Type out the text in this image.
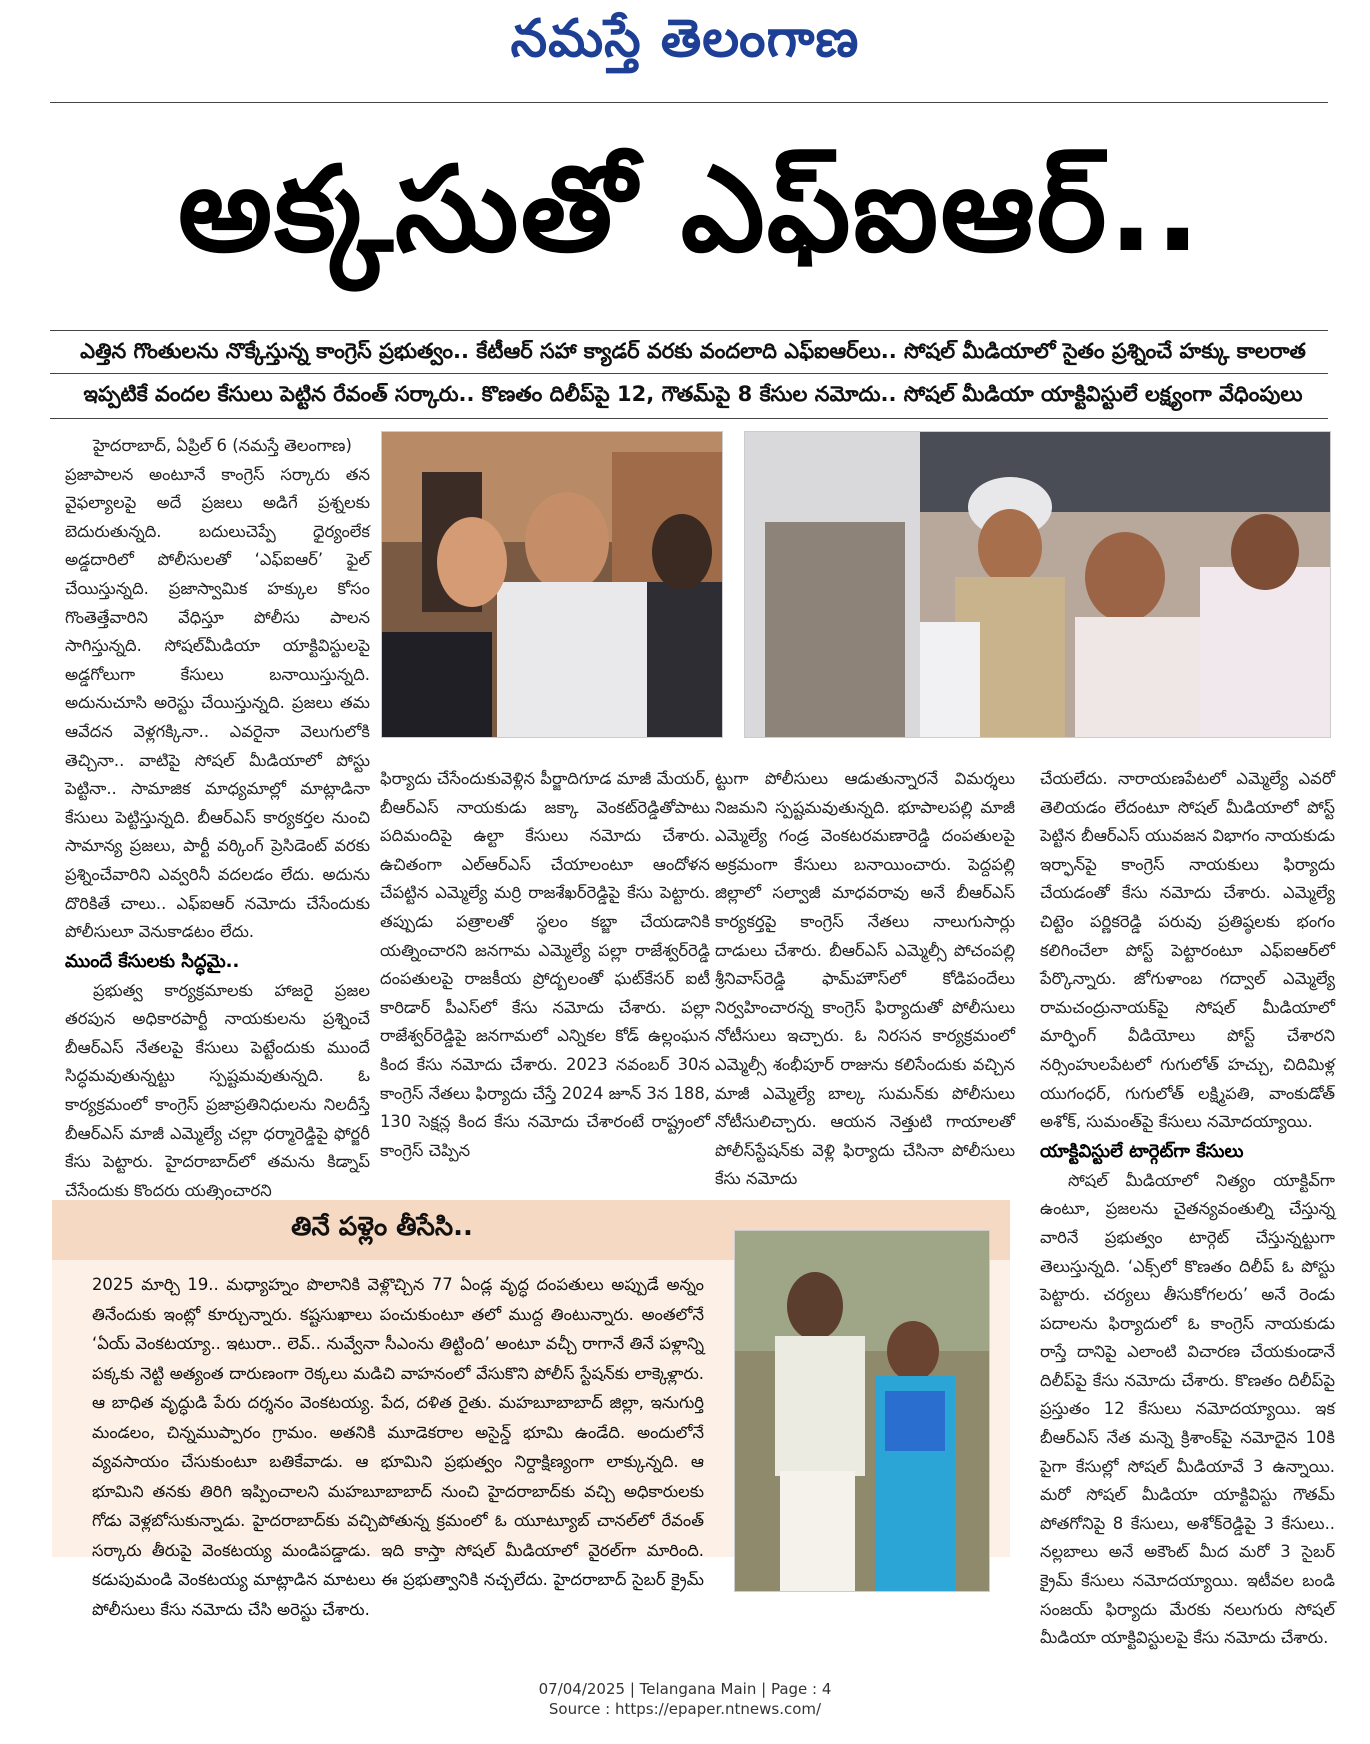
నమస్తే తెలంగాణ
అక్కసుతో ఎఫ్ఐఆర్..
ఎత్తిన గొంతులను నొక్కేస్తున్న కాంగ్రెస్ ప్రభుత్వం.. కేటీఆర్ సహా క్యాడర్ వరకు వందలాది ఎఫ్ఐఆర్‌లు.. సోషల్ మీడియాలో సైతం ప్రశ్నించే హక్కు కాలరాత
ఇప్పటికే వందల కేసులు పెట్టిన రేవంత్ సర్కారు.. కొణతం దిలీప్‌పై 12, గౌతమ్‌పై 8 కేసుల నమోదు.. సోషల్ మీడియా యాక్టివిస్టులే లక్ష్యంగా వేధింపులు

హైదరాబాద్, ఏప్రిల్ 6 (నమస్తే తెలంగాణ)

ప్రజాపాలన అంటూనే కాంగ్రెస్ సర్కారు తన వైఫల్యాలపై అదే ప్రజలు అడిగే ప్రశ్నలకు బెదురుతున్నది. బదులుచెప్పే ధైర్యంలేక అడ్డదారిలో పోలీసులతో ‘ఎఫ్ఐఆర్’ ఫైల్ చేయిస్తున్నది. ప్రజాస్వామిక హక్కుల కోసం గొంతెత్తేవారిని వేధిస్తూ పోలీసు పాలన సాగిస్తున్నది. సోషల్‌మీడియా యాక్టివిస్టులపై అడ్డగోలుగా కేసులు బనాయిస్తున్నది. అదునుచూసి అరెస్టు చేయిస్తున్నది. ప్రజలు తమ ఆవేదన వెళ్లగక్కినా.. ఎవరైనా వెలుగులోకి తెచ్చినా.. వాటిపై సోషల్ మీడియాలో పోస్టు పెట్టినా.. సామాజిక మాధ్యమాల్లో మాట్లాడినా కేసులు పెట్టిస్తున్నది. బీఆర్‌ఎస్ కార్యకర్తల నుంచి సామాన్య ప్రజలు, పార్టీ వర్కింగ్ ప్రెసిడెంట్ వరకు ప్రశ్నించేవారిని ఎవ్వరినీ వదలడం లేదు. అదును దొరికితే చాలు.. ఎఫ్ఐఆర్ నమోదు చేసేందుకు పోలీసులూ వెనుకాడటం లేదు.

ముందే కేసులకు సిద్ధమై..

ప్రభుత్వ కార్యక్రమాలకు హాజరై ప్రజల తరపున అధికారపార్టీ నాయకులను ప్రశ్నించే బీఆర్‌ఎస్ నేతలపై కేసులు పెట్టేందుకు ముందే సిద్ధమవుతున్నట్టు స్పష్టమవుతున్నది. ఓ కార్యక్రమంలో కాంగ్రెస్ ప్రజాప్రతినిధులను నిలదీస్తే బీఆర్‌ఎస్ మాజీ ఎమ్మెల్యే చల్లా ధర్మారెడ్డిపై ఫోర్జరీ కేసు పెట్టారు. హైదరాబాద్‌లో తమను కిడ్నాప్ చేసేందుకు కొందరు యత్నించారని

ఫిర్యాదు చేసేందుకువెళ్లిన పీర్జాదిగూడ మాజీ మేయర్, బీఆర్‌ఎస్ నాయకుడు జక్కా వెంకట్‌రెడ్డితోపాటు పదిమందిపై ఉల్టా కేసులు నమోదు చేశారు. ఉచితంగా ఎల్‌ఆర్‌ఎస్ చేయాలంటూ ఆందోళన చేపట్టిన ఎమ్మెల్యే మర్రి రాజశేఖర్‌రెడ్డిపై కేసు పెట్టారు. తప్పుడు పత్రాలతో స్థలం కబ్జా చేయడానికి యత్నించారని జనగామ ఎమ్మెల్యే పల్లా రాజేశ్వర్‌రెడ్డి దంపతులపై రాజకీయ ప్రోద్బలంతో ఘట్‌కేసర్ ఐటీ కారిడార్ పీఎస్‌లో కేసు నమోదు చేశారు. పల్లా రాజేశ్వర్‌రెడ్డిపై జనగామలో ఎన్నికల కోడ్ ఉల్లంఘన కింద కేసు నమోదు చేశారు. 2023 నవంబర్ 30న కాంగ్రెస్ నేతలు ఫిర్యాదు చేస్తే 2024 జూన్ 3న 188, 130 సెక్షన్ల కింద కేసు నమోదు చేశారంటే రాష్ట్రంలో కాంగ్రెస్ చెప్పిన

ట్టుగా పోలీసులు ఆడుతున్నారనే విమర్శలు నిజమని స్పష్టమవుతున్నది. భూపాలపల్లి మాజీ ఎమ్మెల్యే గండ్ర వెంకటరమణారెడ్డి దంపతులపై అక్రమంగా కేసులు బనాయించారు. పెద్దపల్లి జిల్లాలో సల్వాజీ మాధవరావు అనే బీఆర్‌ఎస్ కార్యకర్తపై కాంగ్రెస్ నేతలు నాలుగుసార్లు దాడులు చేశారు. బీఆర్‌ఎస్ ఎమ్మెల్సీ పోచంపల్లి శ్రీనివాస్‌రెడ్డి ఫామ్‌హౌస్‌లో కోడిపందేలు నిర్వహించారన్న కాంగ్రెస్ ఫిర్యాదుతో పోలీసులు నోటీసులు ఇచ్చారు. ఓ నిరసన కార్యక్రమంలో ఎమ్మెల్సీ శంభీపూర్ రాజును కలిసేందుకు వచ్చిన మాజీ ఎమ్మెల్యే బాల్క సుమన్‌కు పోలీసులు నోటీసులిచ్చారు. ఆయన నెత్తుటి గాయాలతో పోలీస్‌స్టేషన్‌కు వెళ్లి ఫిర్యాదు చేసినా పోలీసులు కేసు నమోదు

చేయలేదు. నారాయణపేటలో ఎమ్మెల్యే ఎవరో తెలియడం లేదంటూ సోషల్ మీడియాలో పోస్ట్ పెట్టిన బీఆర్‌ఎస్ యువజన విభాగం నాయకుడు ఇర్ఫాన్‌పై కాంగ్రెస్ నాయకులు ఫిర్యాదు చేయడంతో కేసు నమోదు చేశారు. ఎమ్మెల్యే చిట్టెం పర్ణికరెడ్డి పరువు ప్రతిష్ఠలకు భంగం కలిగించేలా పోస్ట్ పెట్టారంటూ ఎఫ్ఐఆర్‌లో పేర్కొన్నారు. జోగుళాంబ గద్వాల్ ఎమ్మెల్యే రామచంద్రునాయక్‌పై సోషల్ మీడియాలో మార్ఫింగ్ వీడియోలు పోస్ట్ చేశారని నర్సింహులపేటలో గుగులోత్ హచ్చు, చిదిమిళ్ల యుగంధర్, గుగులోత్ లక్ష్మిపతి, వాంకుడోత్ అశోక్, సుమంత్‌పై కేసులు నమోదయ్యాయి.

యాక్టివిస్టులే టార్గెట్‌గా కేసులు

సోషల్ మీడియాలో నిత్యం యాక్టివ్‌గా ఉంటూ, ప్రజలను చైతన్యవంతుల్ని చేస్తున్న వారినే ప్రభుత్వం టార్గెట్ చేస్తున్నట్టుగా తెలుస్తున్నది. ‘ఎక్స్‌లో కొణతం దిలీప్ ఓ పోస్టు పెట్టారు. చర్యలు తీసుకోగలరు’ అనే రెండు పదాలను ఫిర్యాదులో ఓ కాంగ్రెస్ నాయకుడు రాస్తే దానిపై ఎలాంటి విచారణ చేయకుండానే దిలీప్‌పై కేసు నమోదు చేశారు. కొణతం దిలీప్‌పై ప్రస్తుతం 12 కేసులు నమోదయ్యాయి. ఇక బీఆర్‌ఎస్ నేత మన్నె క్రిశాంక్‌పై నమోదైన 10కి పైగా కేసుల్లో సోషల్ మీడియావే 3 ఉన్నాయి. మరో సోషల్ మీడియా యాక్టివిస్టు గౌతమ్ పోతగోనిపై 8 కేసులు, అశోక్‌రెడ్డిపై 3 కేసులు.. నల్లబాలు అనే అకౌంట్ మీద మరో 3 సైబర్ క్రైమ్ కేసులు నమోదయ్యాయి. ఇటీవల బండి సంజయ్ ఫిర్యాదు మేరకు నలుగురు సోషల్ మీడియా యాక్టివిస్టులపై కేసు నమోదు చేశారు.

తినే పళ్లెం తీసేసి..
2025 మార్చి 19.. మధ్యాహ్నం పొలానికి వెళ్లొచ్చిన 77 ఏండ్ల వృద్ధ దంపతులు అప్పుడే అన్నం తినేందుకు ఇంట్లో కూర్చున్నారు. కష్టసుఖాలు పంచుకుంటూ తలో ముద్ద తింటున్నారు. అంతలోనే ‘ఏయ్ వెంకటయ్యా.. ఇటురా.. లెవ్.. నువ్వేనా సీఎంను తిట్టింది’ అంటూ వచ్చీ రాగానే తినే పళ్లాన్ని పక్కకు నెట్టి అత్యంత దారుణంగా రెక్కలు మడిచి వాహనంలో వేసుకొని పోలీస్ స్టేషన్‌కు లాక్కెళ్లారు. ఆ బాధిత వృద్ధుడి పేరు దర్శనం వెంకటయ్య. పేద, దళిత రైతు. మహబూబాబాద్ జిల్లా, ఇనుగుర్తి మండలం, చిన్నముప్పారం గ్రామం. అతనికి మూడెకరాల అసైన్డ్ భూమి ఉండేది. అందులోనే వ్యవసాయం చేసుకుంటూ బతికేవాడు. ఆ భూమిని ప్రభుత్వం నిర్దాక్షిణ్యంగా లాక్కున్నది. ఆ భూమిని తనకు తిరిగి ఇప్పించాలని మహబూబాబాద్ నుంచి హైదరాబాద్‌కు వచ్చి అధికారులకు గోడు వెళ్లబోసుకున్నాడు. హైదరాబాద్‌కు వచ్చిపోతున్న క్రమంలో ఓ యూట్యూబ్ చానల్‌లో రేవంత్ సర్కారు తీరుపై వెంకటయ్య మండిపడ్డాడు. ఇది కాస్తా సోషల్ మీడియాలో వైరల్‌గా మారింది. కడుపుమండి వెంకటయ్య మాట్లాడిన మాటలు ఈ ప్రభుత్వానికి నచ్చలేదు. హైదరాబాద్ సైబర్ క్రైమ్ పోలీసులు కేసు నమోదు చేసి అరెస్టు చేశారు.
07/04/2025 | Telangana Main | Page : 4
Source : https://epaper.ntnews.com/
